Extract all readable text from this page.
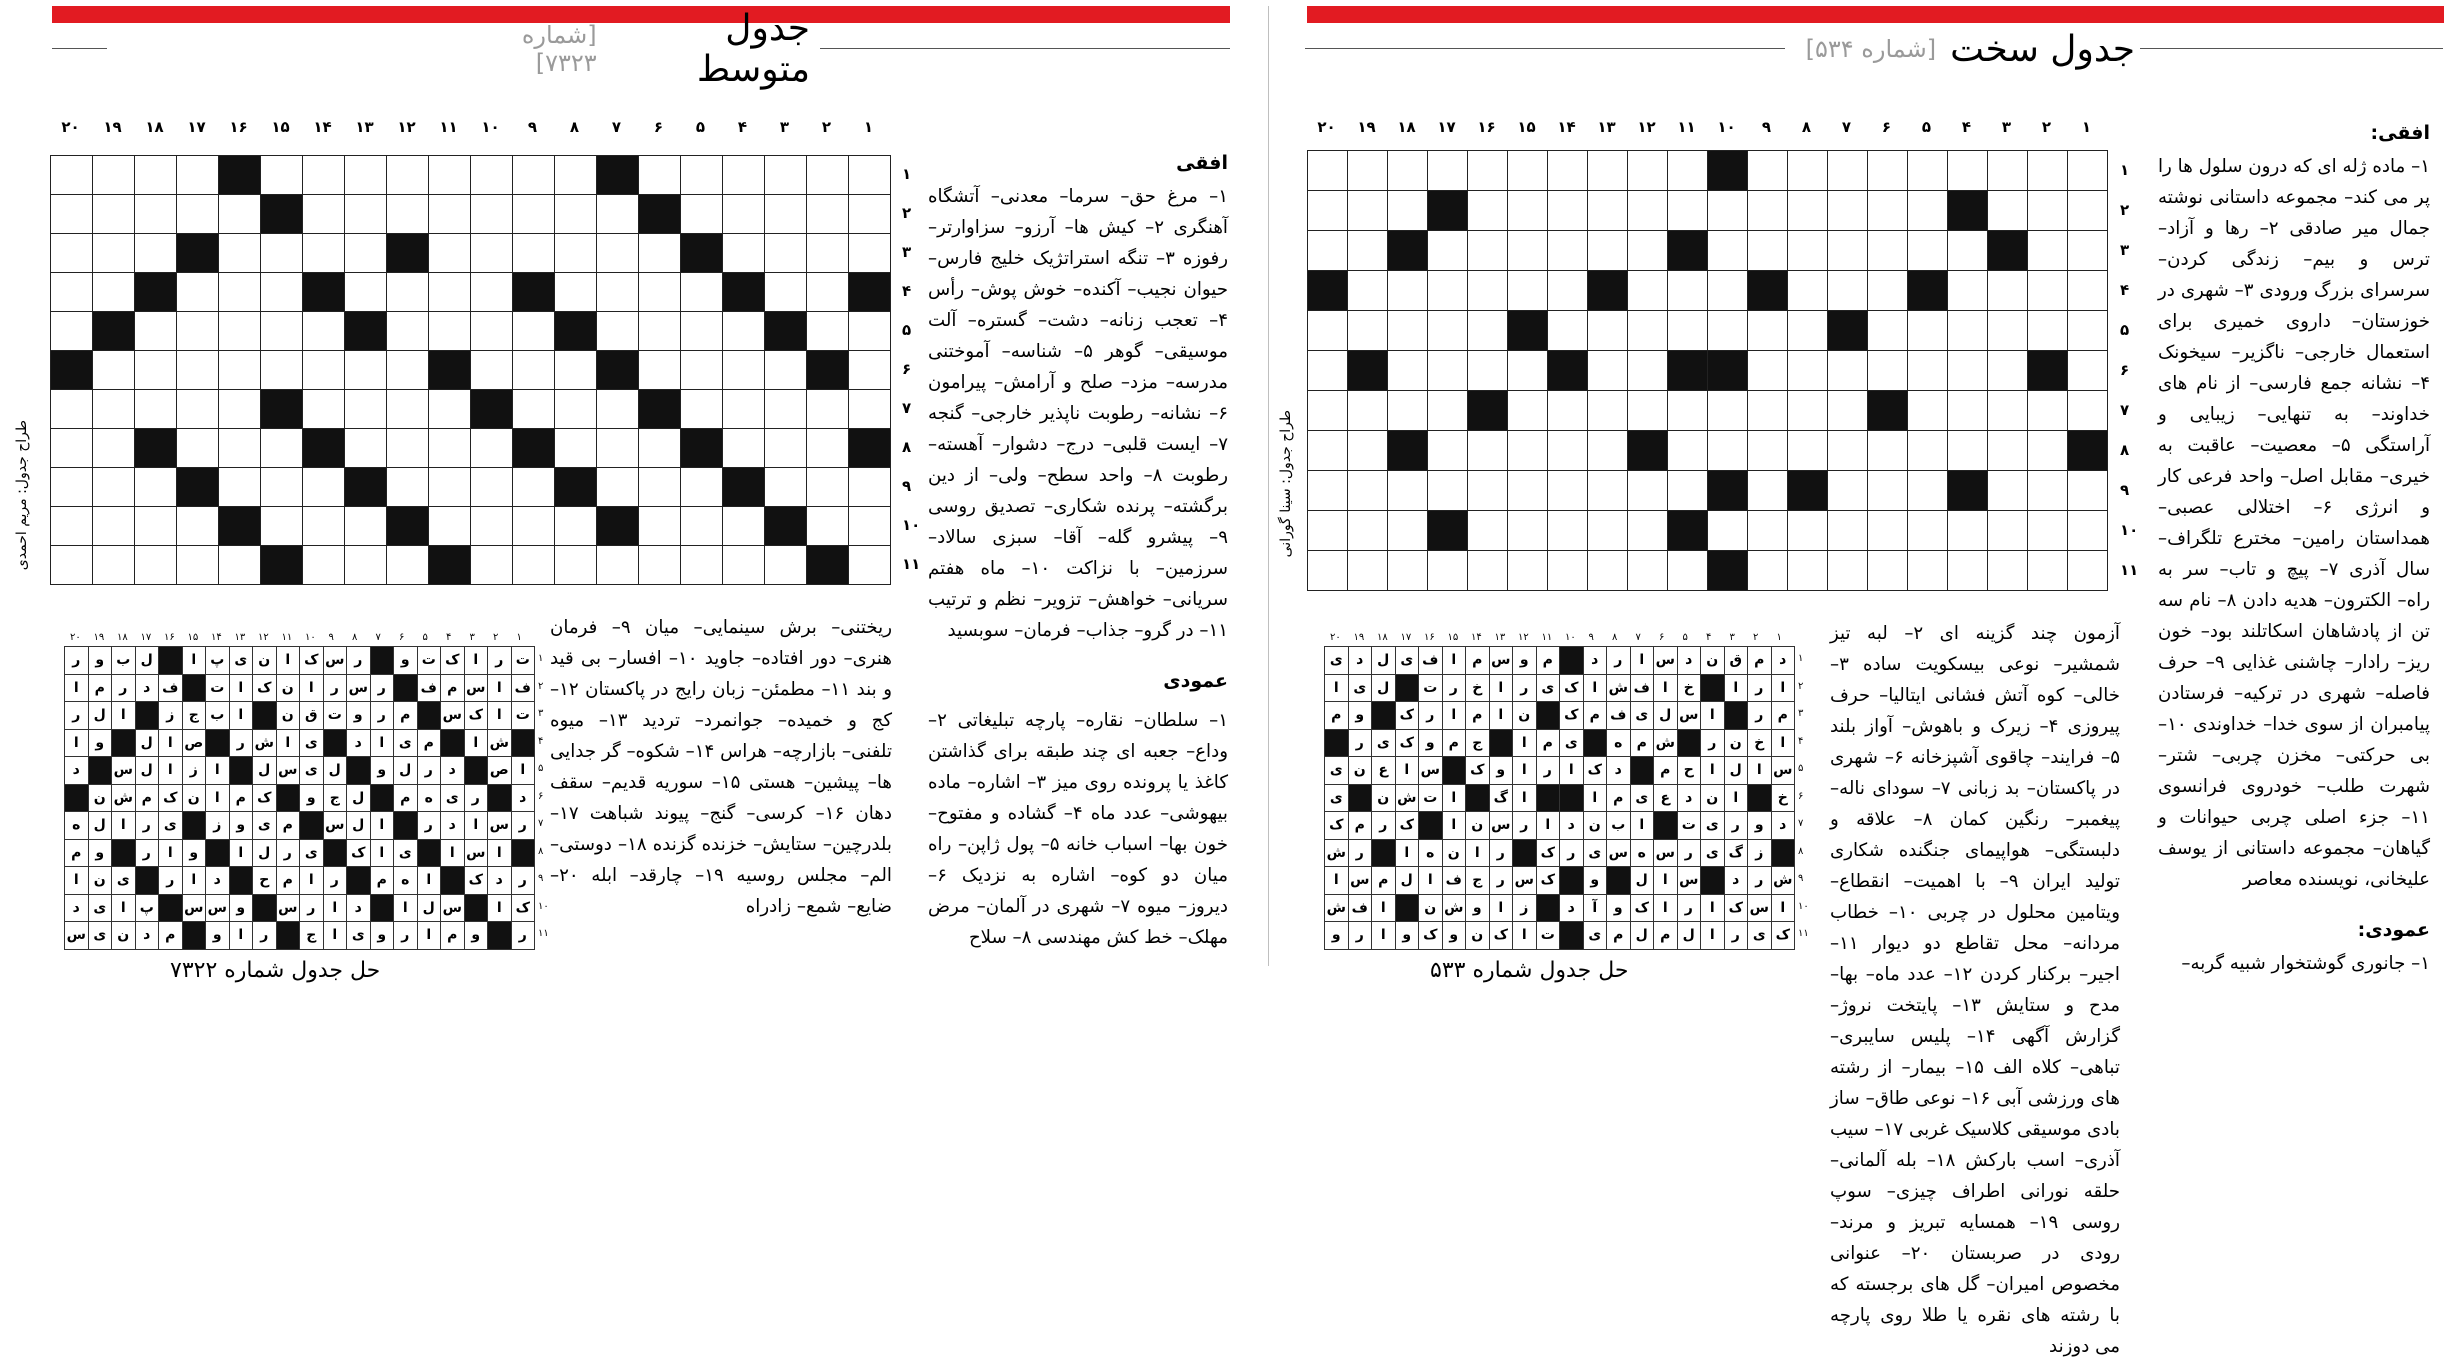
جدول سخت
[شماره ۵۳۴]
۱
۲
۳
۴
۵
۶
۷
۸
۹
۱۰
۱۱
۱۲
۱۳
۱۴
۱۵
۱۶
۱۷
۱۸
۱۹
۲۰

۱
۲
۳
۴
۵
۶
۷
۸
۹
۱۰
۱۱
طراح جدول: سینا گورانی

افقی:

۱– ماده ژله ای که درون سلول ها را پر می کند– مجموعه داستانی نوشته جمال میر صادقی ۲– رها و آزاد– ترس و بیم– زندگی کردن– سرسرای بزرگ ورودی ۳– شهری در خوزستان– داروی خمیری برای استعمال خارجی– ناگزیر– سیخونک ۴– نشانه جمع فارسی– از نام های خداوند– به تنهایی– زیبایی و آراستگی ۵– معصیت– عاقبت به خیری– مقابل اصل– واحد فرعی کار و انرژی ۶– اختلالی عصبی– همداستان رامین– مخترع تلگراف– سال آذری ۷– پیچ و تاب– سر به راه– الکترون– هدیه دادن ۸– نام سه تن از پادشاهان اسکاتلند بود– خون ریز– رادار– چاشنی غذایی ۹– حرف فاصله– شهری در ترکیه– فرستادن پیامبران از سوی خدا– خداوندی ۱۰– بی حرکتی– مخزن چربی– شتر– شهرت طلب– خودروی فرانسوی ۱۱– جزء اصلی چربی حیوانات و گیاهان– مجموعه داستانی از یوسف علیخانی، نویسنده معاصر

عمودی:

۱– جانوری گوشتخوار شبیه گربه–

آزمون چند گزینه ای ۲– لبه تیز شمشیر– نوعی بیسکویت ساده ۳– خالی– کوه آتش فشانی ایتالیا– حرف پیروزی ۴– زیرک و باهوش– آواز بلند ۵– فرایند– چاقوی آشپزخانه ۶– شهری در پاکستان– بد زبانی ۷– سودای ناله– پیغمبر– رنگین کمان ۸– علاقه و دلبستگی– هواپیمای جنگنده شکاری تولید ایران ۹– با اهمیت– انقطاع– ویتامین محلول در چربی ۱۰– خطاب مردانه– محل تقاطع دو دیوار ۱۱– اجیر– برکنار کردن ۱۲– عدد ماه– بها– مدح و ستایش ۱۳– پایتخت نروژ– گزارش آگهی ۱۴– پلیس سایبری– تباهی– کلاه الف ۱۵– بیمار– از رشته های ورزشی آبی ۱۶– نوعی طاق– ساز بادی موسیقی کلاسیک غربی ۱۷– سیب آذری– اسب بارکش ۱۸– بله آلمانی– حلقه نورانی اطراف چیزی– سوپ روسی ۱۹– همسایه تبریز و مرند– رودی در صربستان ۲۰– عنوانی مخصوص امیران– گل های برجسته که با رشته های نقره یا طلا روی پارچه می دوزند

۱
۲
۳
۴
۵
۶
۷
۸
۹
۱۰
۱۱
۱۲
۱۳
۱۴
۱۵
۱۶
۱۷
۱۸
۱۹
۲۰
۱
۲
۳
۴
۵
۶
۷
۸
۹
۱۰
۱۱
ی	د	ل	ی	ف	ا	م	س	و	م		د	ر	ا	س	د	ن	ق	م	د
ا	ی	ل		ت	ر	خ	ا	ر	ی	ک	ا	ش	ف	ا	خ		ا	ر	ا
م	و		ک	ر	ا	م	ا	ن		ک	م	ف	ی	ل	س	ا		ر	م
	ر	ی	ک	و	م	ج		ا	م	ی		ه	م	ش		ر	ن	خ	ا
ی	ن	ع	ا	س		ک	و	ا	ر	ا	ک	د		م	ح	ا	ل	ا	س
ی		ن	ش	ت	ا		گ	ا			ا	م	ی	ع	د	ن	ا		خ
ک	م	ر	ک		ا	ن	س	ر	ا	د	ن	ب	ا		ت	ی	ر	و	د
ش	ر		ا	ه	ن	ا	ر		ک	ر	ی	س	ه	س	ر	ی	گ	ز	
ا	س	م	ل	ا	ف	ج	ر	س	ک		و		ل	ا	س		د	ر	ش
ش	ف	ا		ن	ش	و	ا	ز		د	آ	و	ک	ا	ر	ا	ک	س	ا
و	ر	ا	و	ک	و	ن	ک	ا	ت		ی	م	ل	م	ل	ا	ر	ی	ک
حل جدول شماره ۵۳۳
جدول متوسط
[شماره ۷۳۲۳]
۱
۲
۳
۴
۵
۶
۷
۸
۹
۱۰
۱۱
۱۲
۱۳
۱۴
۱۵
۱۶
۱۷
۱۸
۱۹
۲۰

۱
۲
۳
۴
۵
۶
۷
۸
۹
۱۰
۱۱
طراح جدول: مریم احمدی

افقی

۱– مرغ حق– سرما– معدنی– آتشگاه آهنگری ۲– کیش ها– آرزو– سزاوارتر– رفوزه ۳– تنگه استراتژیک خلیج فارس– حیوان نجیب– آکنده– خوش پوش– رأس ۴– تعجب زنانه– دشت– گستره– آلت موسیقی– گوهر ۵– شناسه– آموختنی مدرسه– مزد– صلح و آرامش– پیرامون ۶– نشانه– رطوبت ناپذیر خارجی– گنجه ۷– ایست قلبی– درج– دشوار– آهسته– رطوبت ۸– واحد سطح– ولی– از دین برگشته– پرنده شکاری– تصدیق روسی ۹– پیشرو گله– آقا– سبزی سالاد– سرزمین– با نزاکت ۱۰– ماه هفتم سریانی– خواهش– تزویر– نظم و ترتیب ۱۱– در گرو– جذاب– فرمان– سوبسید

عمودی

۱– سلطان– نقاره– پارچه تبلیغاتی ۲– وداع– جعبه ای چند طبقه برای گذاشتن کاغذ یا پرونده روی میز ۳– اشاره– ماده بیهوشی– عدد ماه ۴– گشاده و مفتوح– خون بها– اسباب خانه ۵– پول ژاپن– راه میان دو کوه– اشاره به نزدیک ۶– دیروز– میوه ۷– شهری در آلمان– مرض مهلک– خط کش مهندسی ۸– سلاح

ریختنی– برش سینمایی– میان ۹– فرمان هنری– دور افتاده– جاوید ۱۰– افسار– بی قید و بند ۱۱– مطمئن– زبان رایج در پاکستان ۱۲– کج و خمیده– جوانمرد– تردید ۱۳– میوه تلفنی– بازارچه– هراس ۱۴– شکوه– گر جدایی ها– پیشین– هستی ۱۵– سوریه قدیم– سقف دهان ۱۶– کرسی– گنج– پیوند شباهت ۱۷– بلدرچین– ستایش– خزنده گزنده ۱۸– دوستی– الم– مجلس روسیه ۱۹– چارقد– ابله ۲۰– ضایع– شمع– زادراه

۱
۲
۳
۴
۵
۶
۷
۸
۹
۱۰
۱۱
۱۲
۱۳
۱۴
۱۵
۱۶
۱۷
۱۸
۱۹
۲۰
۱
۲
۳
۴
۵
۶
۷
۸
۹
۱۰
۱۱
ر	و	ب	ل		ا	پ	ی	ن	ا	ک	س	ر		و	ت	ک	ا	ر	ت
ا	م	ر	د	ف		ت	ا	ک	ن	ا	ر	س	ر		ف	م	س	ا	ف
ر	ل	ا		ز	ج	ب	ا		ن	ق	ت	و	ر	م		س	ک	ا	ت
ا	و		ل	ا	ص		ر	ش	ا	ی		د	ا	ی	م		ا	ش	
د		س	ل	ا	ز	ا		ل	س	ی	ل		و	ل	ر	د		ص	ا
	ن	ش	م	ک	ن	ا	م	ک		و	ج	ل		م	ه	ی	ر		د
ه	ل	ا	ر	ی		ز	و	ی	م		س	ل	ا		ر	د	ا	س	ر
م	و		ر	ا	و		ا	ل	ر	ی		ک	ا	ی		ا	س	ا	
ا	ن	ی		ر	ا	د		ح	م	ا	ر		م	ه	ا		ک	د	ر
د	ی	ا	پ		س	س	و		س	ر	ا	د		ا	ل	س		ا	ک
س	ی	ن	د	م		و	ا	ر		ج	ا	ی	و	ر	ا	م	و		ر
حل جدول شماره ۷۳۲۲
